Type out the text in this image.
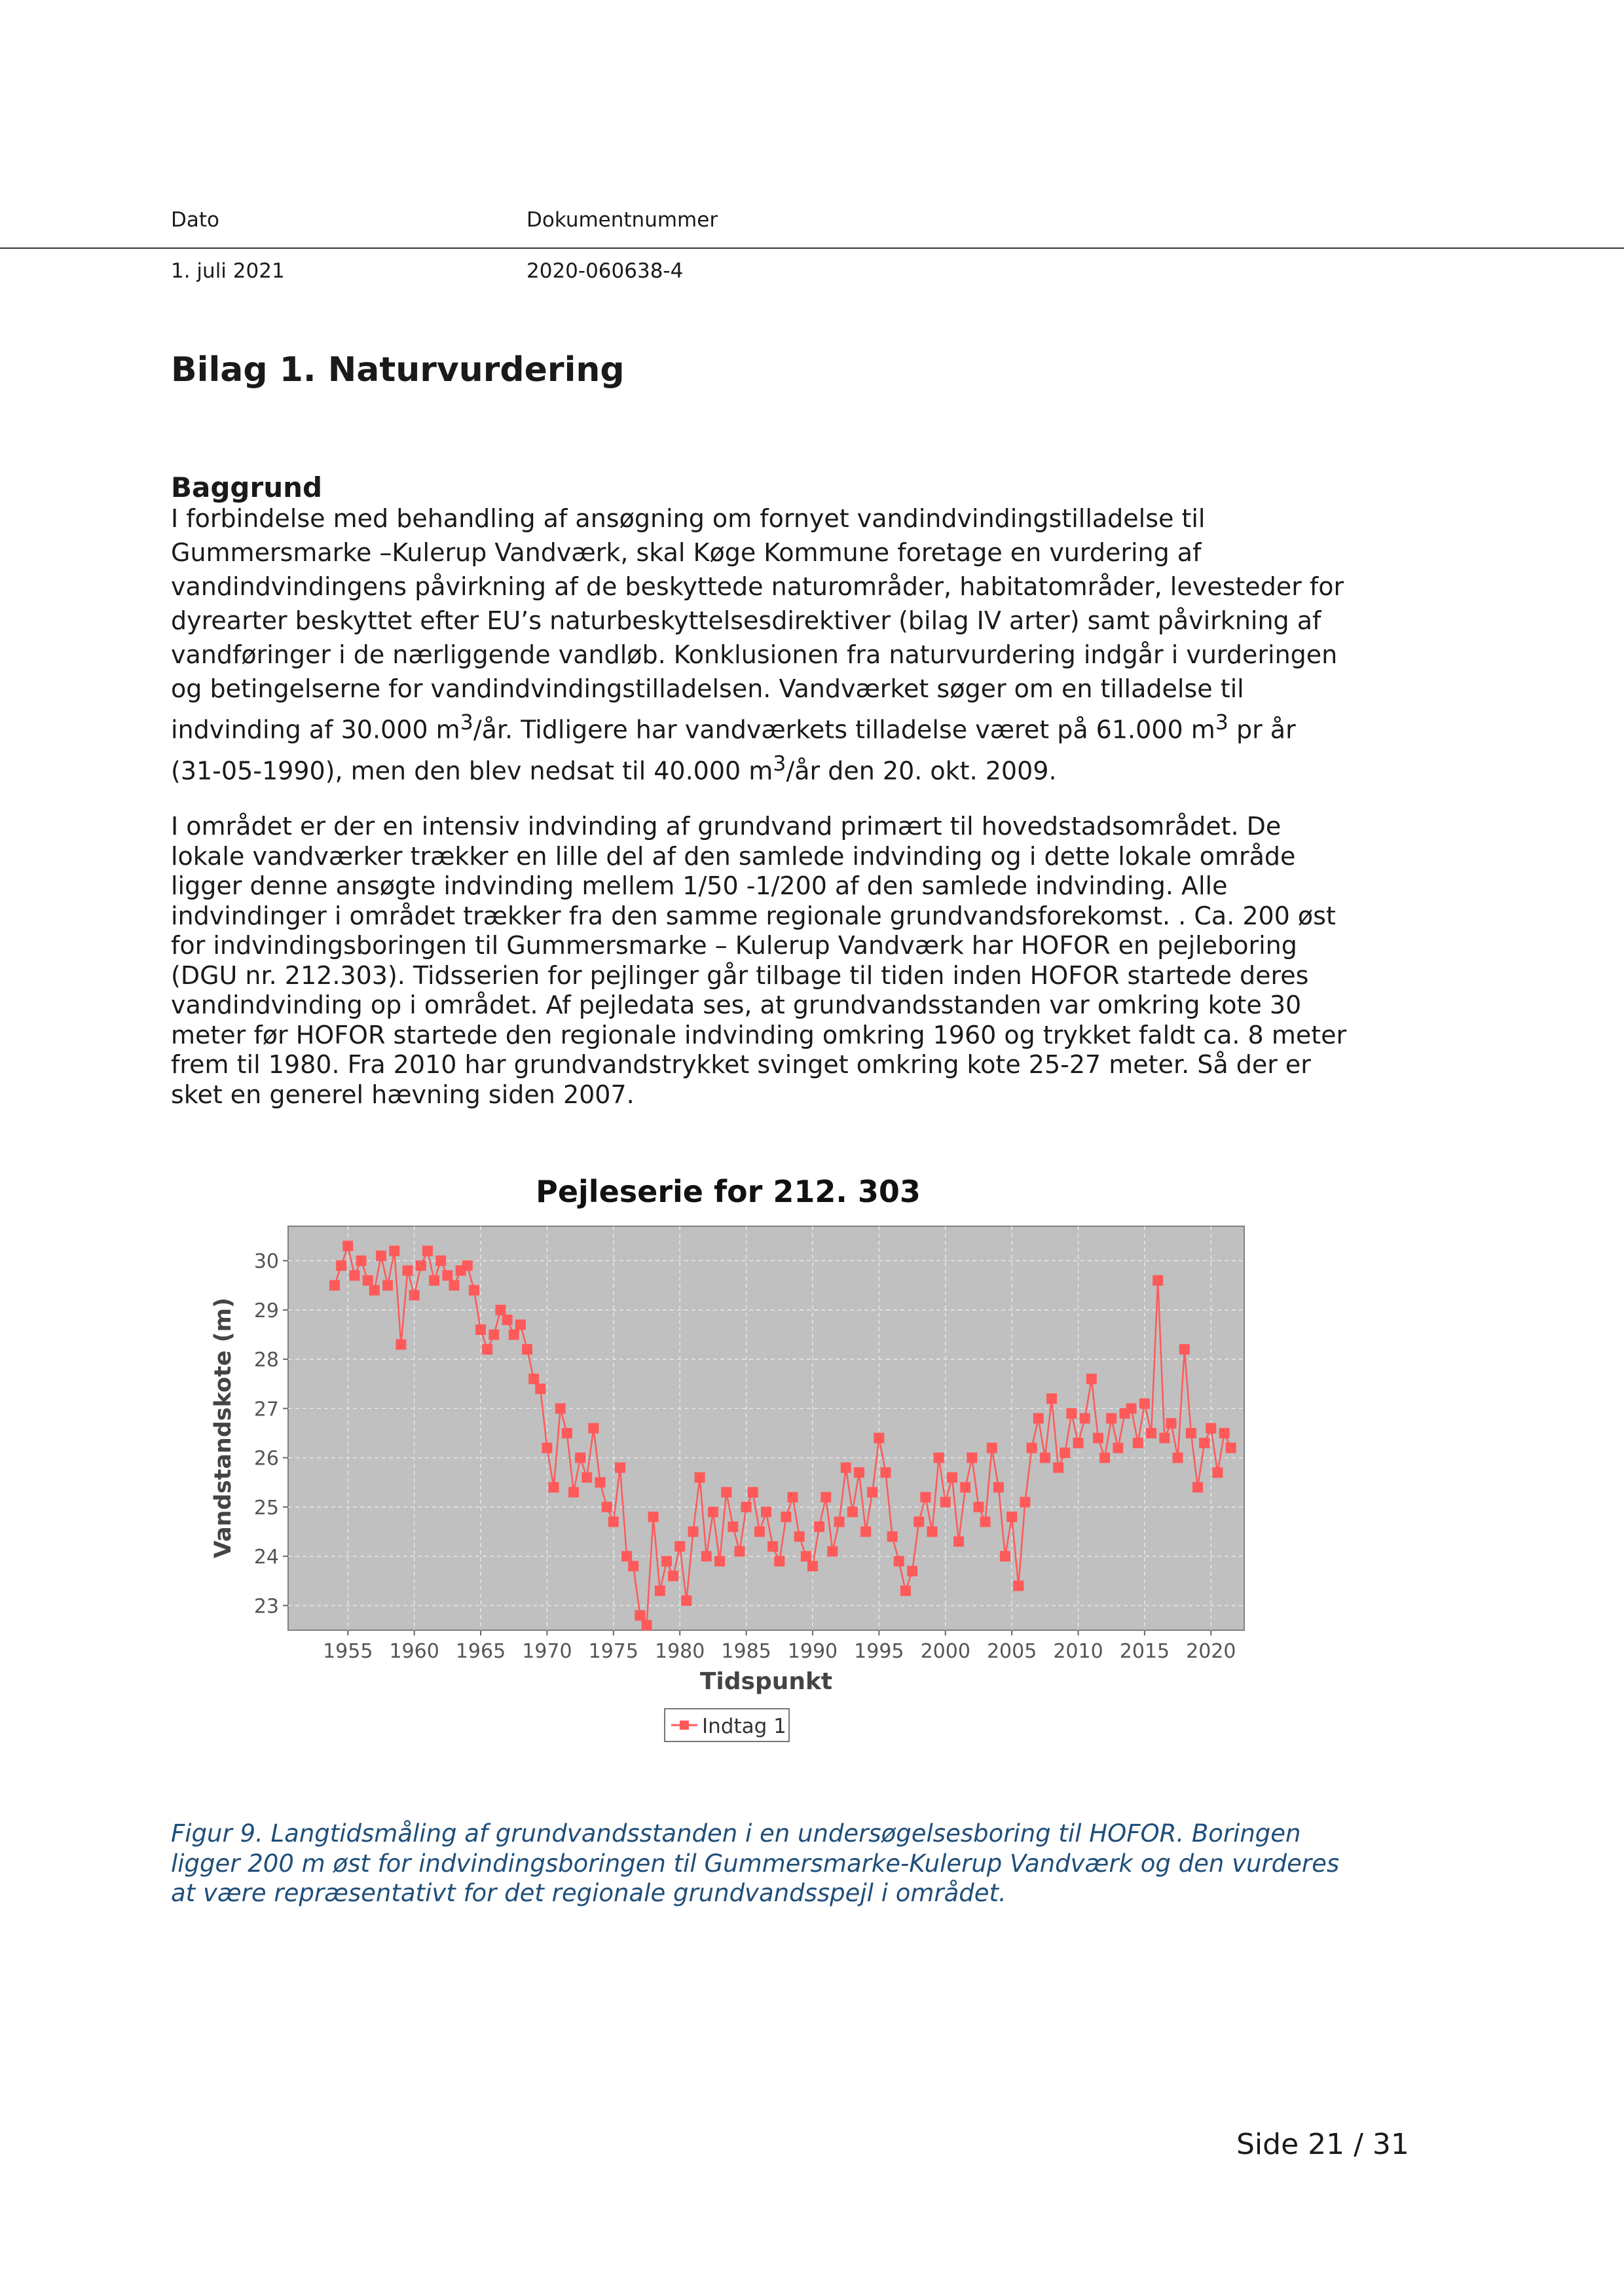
Dato	Dokumentnummer
1. juli 2021	2020-060638-4
Bilag 1. Naturvurdering
Baggrund

I forbindelse med behandling af ansøgning om fornyet vandindvindingstilladelse til Gummersmarke –Kulerup Vandværk, skal Køge Kommune foretage en vurdering af vandindvindingens påvirkning af de beskyttede naturområder, habitatområder, levesteder for dyrearter beskyttet efter EU’s naturbeskyttelsesdirektiver (bilag IV arter) samt påvirkning af vandføringer i de nærliggende vandløb. Konklusionen fra naturvurdering indgår i vurderingen og betingelserne for vandindvindingstilladelsen. Vandværket søger om en tilladelse til indvinding af 30.000 $m^3/år$. Tidligere har vandværkets tilladelse været på 61.000 $m^3$ pr år (31-05-1990), men den blev nedsat til 40.000 $m^3/år$ den 20. okt. 2009.

I området er der en intensiv indvinding af grundvand primært til hovedstadsområdet. De lokale vandværker trækker en lille del af den samlede indvinding og i dette lokale område ligger denne ansøgte indvinding mellem 1/50 -1/200 af den samlede indvinding. Alle indvindinger i området trækker fra den samme regionale grundvandsforekomst. . Ca. 200 øst for indvindingsboringen til Gummersmarke – Kulerup Vandværk har HOFOR en pejleboring (DGU nr. 212.303). Tidsserien for pejlinger går tilbage til tiden inden HOFOR startede deres vandindvinding op i området. Af pejledata ses, at grundvandsstanden var omkring kote 30 meter før HOFOR startede den regionale indvinding omkring 1960 og trykket faldt ca. 8 meter frem til 1980. Fra 2010 har grundvandstrykket svinget omkring kote 25-27 meter. Så der er sket en generel hævning siden 2007.

Pejleserie for 212. 303
23
24
25
26
27
28
29
30
1955 1960 1965 1970 1975 1980 1985 1990 1995 2000 2005 2010 2015 2020
Tidspunkt
Vandstandskote (m)
Indtag 1

Figur 9. Langtidsmåling af grundvandsstanden i en undersøgelsesboring til HOFOR. Boringen ligger 200 m øst for indvindingsboringen til Gummersmarke-Kulerup Vandværk og den vurderes at være repræsentativt for det regionale grundvandsspejl i området.

Side 21 / 31
